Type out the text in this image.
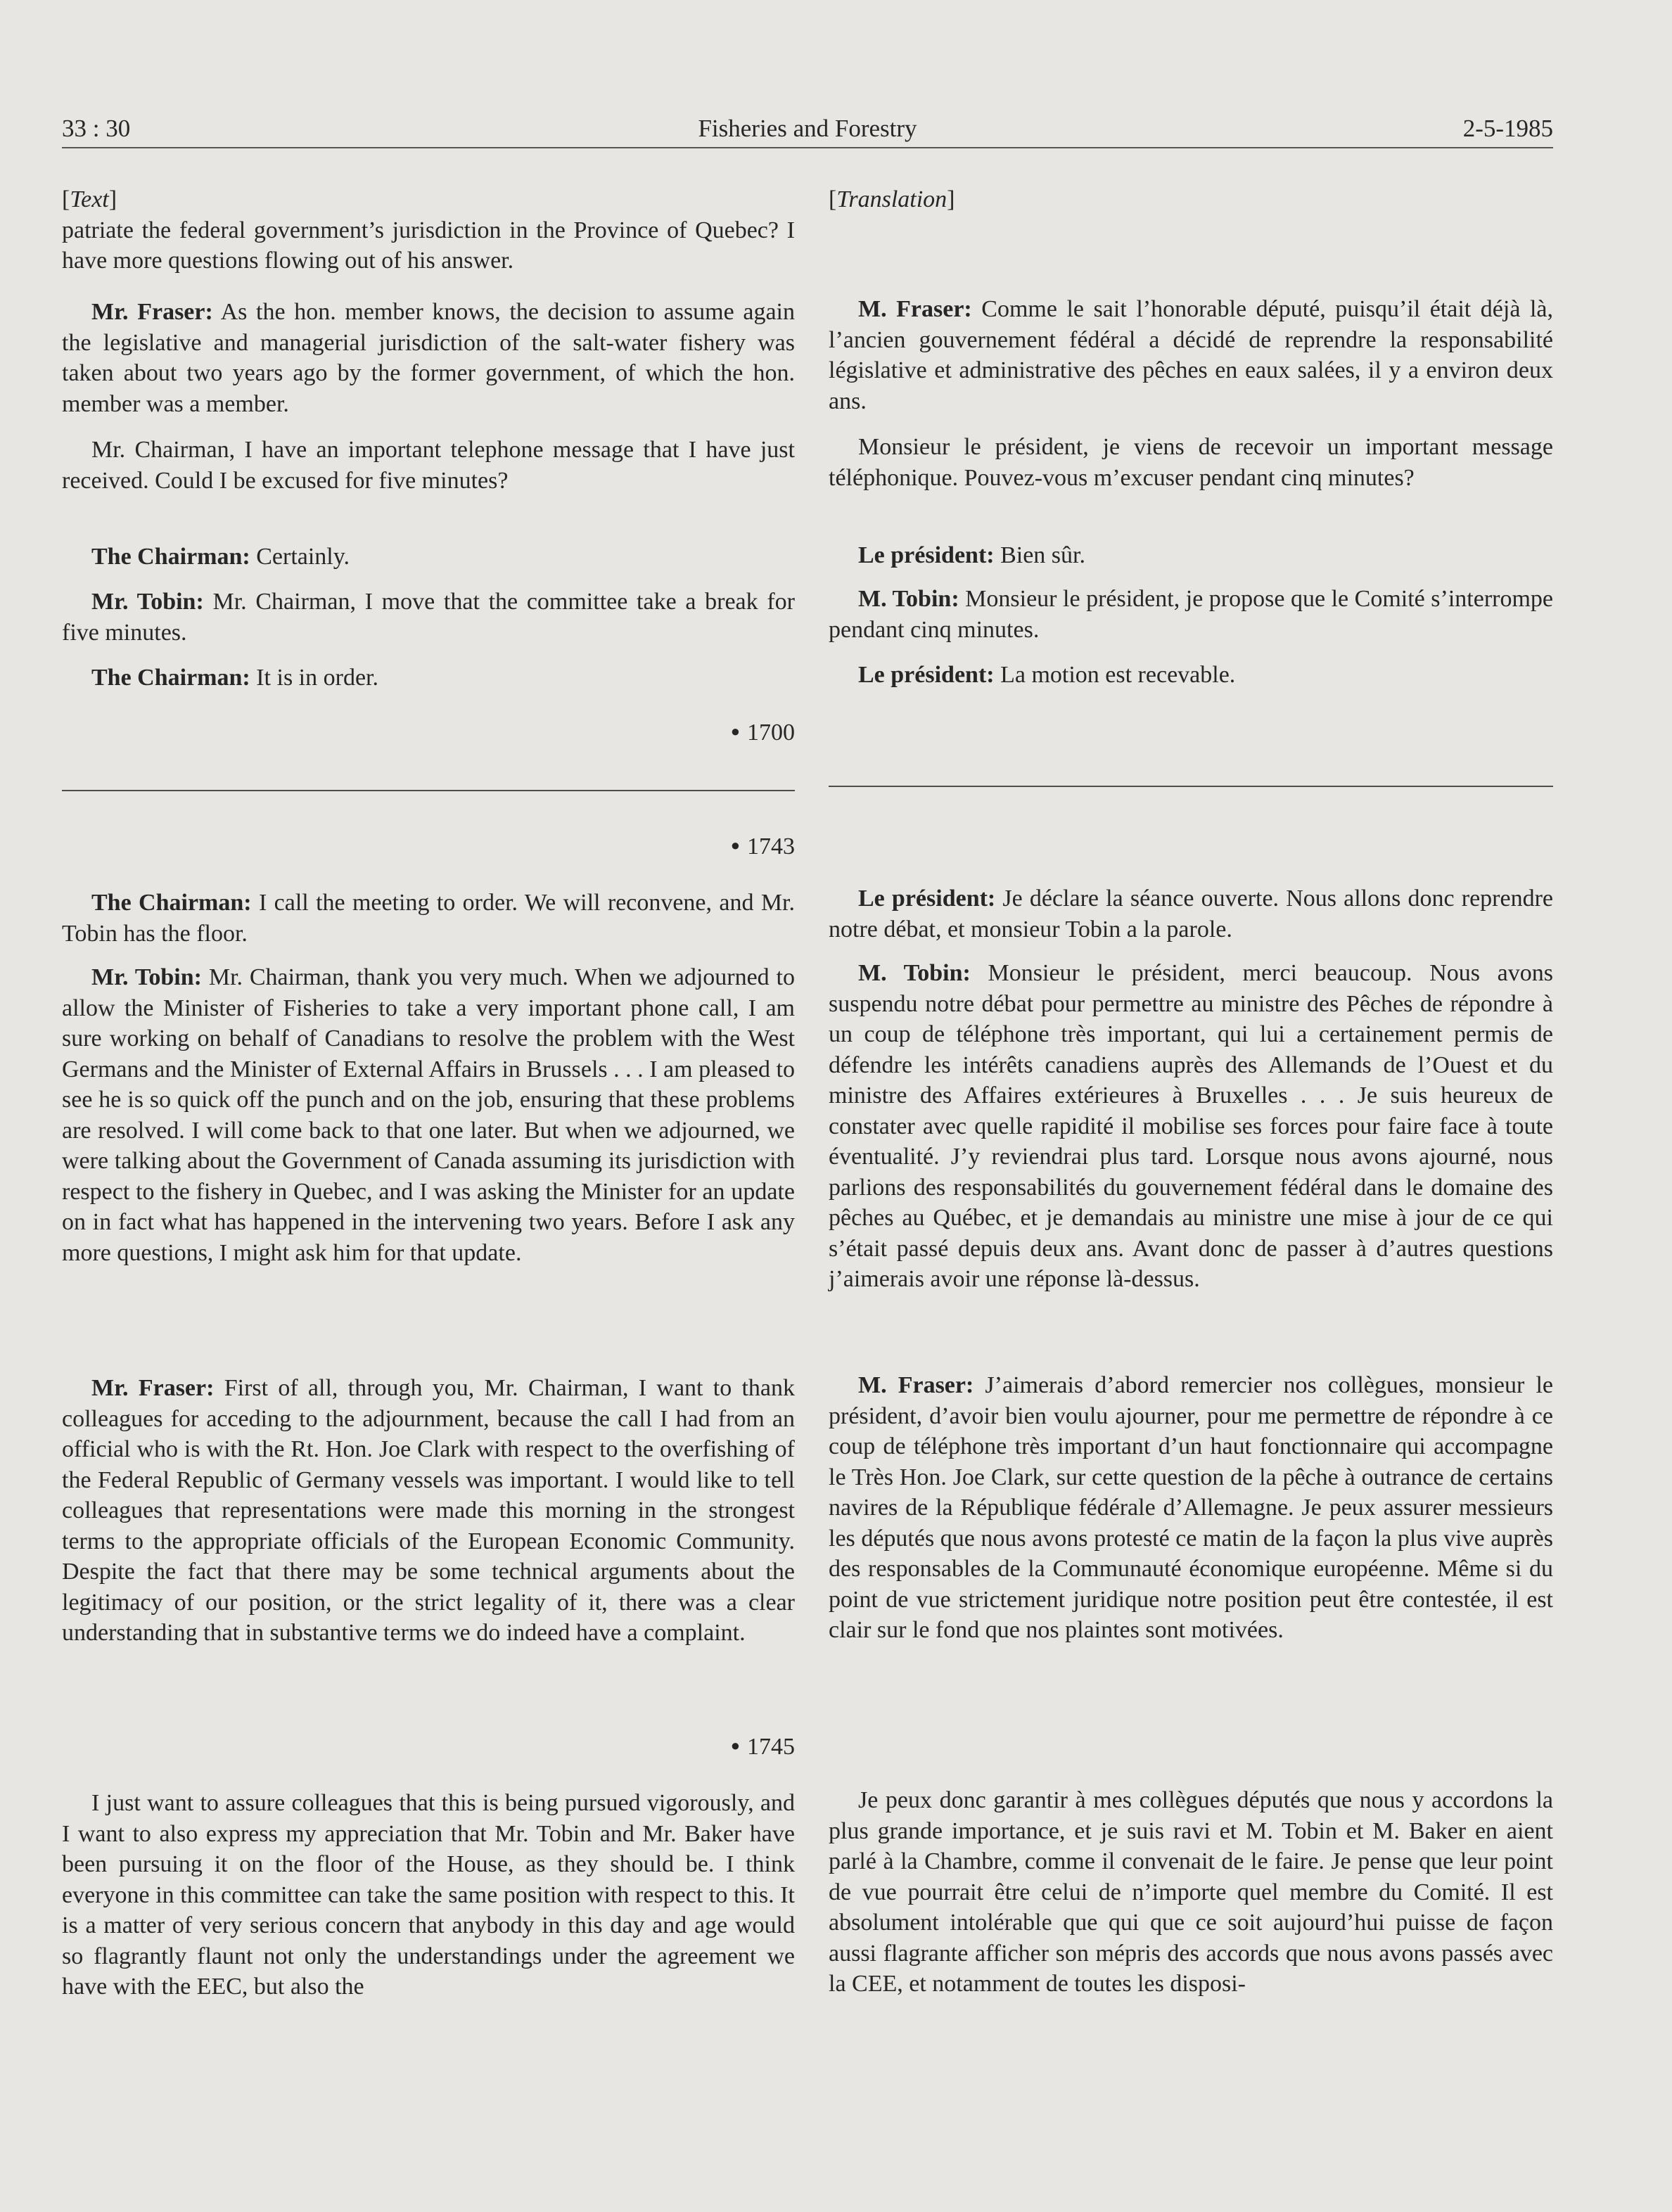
33 : 30	Fisheries and Forestry	2-5-1985

[Text]

patriate the federal government’s jurisdiction in the Province of Quebec? I have more questions flowing out of his answer.

Mr. Fraser: As the hon. member knows, the decision to assume again the legislative and managerial jurisdiction of the salt-water fishery was taken about two years ago by the former government, of which the hon. member was a member.

Mr. Chairman, I have an important telephone message that I have just received. Could I be excused for five minutes?

The Chairman: Certainly.

Mr. Tobin: Mr. Chairman, I move that the committee take a break for five minutes.

The Chairman: It is in order.

● 1700
● 1743

The Chairman: I call the meeting to order. We will reconvene, and Mr. Tobin has the floor.

Mr. Tobin: Mr. Chairman, thank you very much. When we adjourned to allow the Minister of Fisheries to take a very important phone call, I am sure working on behalf of Canadians to resolve the problem with the West Germans and the Minister of External Affairs in Brussels . . . I am pleased to see he is so quick off the punch and on the job, ensuring that these problems are resolved. I will come back to that one later. But when we adjourned, we were talking about the Government of Canada assuming its jurisdiction with respect to the fishery in Quebec, and I was asking the Minister for an update on in fact what has happened in the intervening two years. Before I ask any more questions, I might ask him for that update.

Mr. Fraser: First of all, through you, Mr. Chairman, I want to thank colleagues for acceding to the adjournment, because the call I had from an official who is with the Rt. Hon. Joe Clark with respect to the overfishing of the Federal Republic of Germany vessels was important. I would like to tell colleagues that representations were made this morning in the strongest terms to the appropriate officials of the European Economic Community. Despite the fact that there may be some technical arguments about the legitimacy of our position, or the strict legality of it, there was a clear understanding that in substantive terms we do indeed have a complaint.

● 1745

I just want to assure colleagues that this is being pursued vigorously, and I want to also express my appreciation that Mr. Tobin and Mr. Baker have been pursuing it on the floor of the House, as they should be. I think everyone in this committee can take the same position with respect to this. It is a matter of very serious concern that anybody in this day and age would so flagrantly flaunt not only the understandings under the agreement we have with the EEC, but also the

[Translation]

M. Fraser: Comme le sait l’honorable député, puisqu’il était déjà là, l’ancien gouvernement fédéral a décidé de reprendre la responsabilité législative et administrative des pêches en eaux salées, il y a environ deux ans.

Monsieur le président, je viens de recevoir un important message téléphonique. Pouvez-vous m’excuser pendant cinq minutes?

Le président: Bien sûr.

M. Tobin: Monsieur le président, je propose que le Comité s’interrompe pendant cinq minutes.

Le président: La motion est recevable.

Le président: Je déclare la séance ouverte. Nous allons donc reprendre notre débat, et monsieur Tobin a la parole.

M. Tobin: Monsieur le président, merci beaucoup. Nous avons suspendu notre débat pour permettre au ministre des Pêches de répondre à un coup de téléphone très important, qui lui a certainement permis de défendre les intérêts canadiens auprès des Allemands de l’Ouest et du ministre des Affaires extérieures à Bruxelles . . . Je suis heureux de constater avec quelle rapidité il mobilise ses forces pour faire face à toute éventualité. J’y reviendrai plus tard. Lorsque nous avons ajourné, nous parlions des responsabilités du gouvernement fédéral dans le domaine des pêches au Québec, et je demandais au ministre une mise à jour de ce qui s’était passé depuis deux ans. Avant donc de passer à d’autres questions j’aimerais avoir une réponse là-dessus.

M. Fraser: J’aimerais d’abord remercier nos collègues, monsieur le président, d’avoir bien voulu ajourner, pour me permettre de répondre à ce coup de téléphone très important d’un haut fonctionnaire qui accompagne le Très Hon. Joe Clark, sur cette question de la pêche à outrance de certains navires de la République fédérale d’Allemagne. Je peux assurer messieurs les députés que nous avons protesté ce matin de la façon la plus vive auprès des responsables de la Communauté économique européenne. Même si du point de vue strictement juridique notre position peut être contestée, il est clair sur le fond que nos plaintes sont motivées.

Je peux donc garantir à mes collègues députés que nous y accordons la plus grande importance, et je suis ravi et M. Tobin et M. Baker en aient parlé à la Chambre, comme il convenait de le faire. Je pense que leur point de vue pourrait être celui de n’importe quel membre du Comité. Il est absolument intolérable que qui que ce soit aujourd’hui puisse de façon aussi flagrante afficher son mépris des accords que nous avons passés avec la CEE, et notamment de toutes les disposi-
